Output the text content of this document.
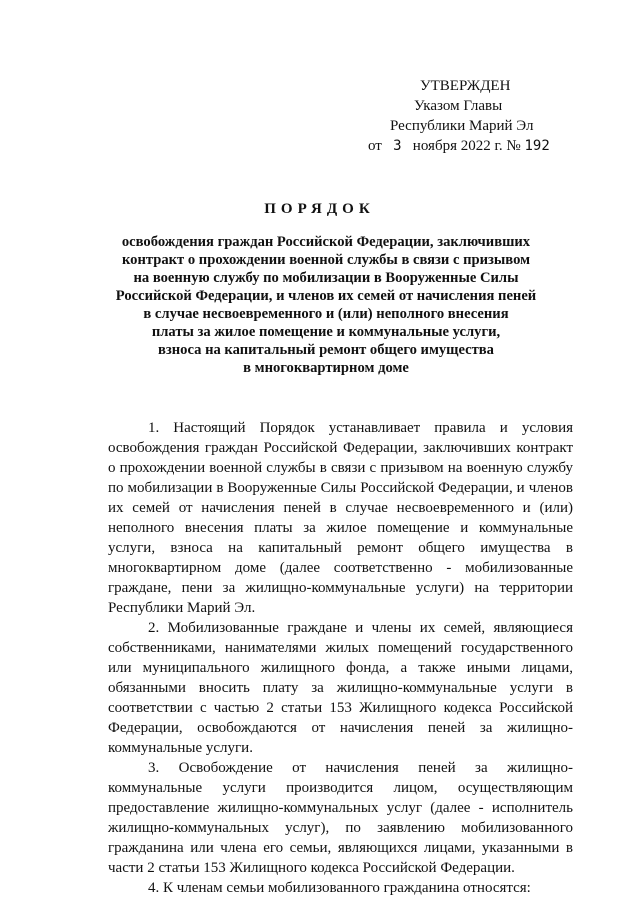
УТВЕРЖДЕН
Указом Главы
Республики Марий Эл
от 3 ноября 2022 г. № 192
ПОРЯДОК
освобождения граждан Российской Федерации, заключивших
контракт о прохождении военной службы в связи с призывом
на военную службу по мобилизации в Вооруженные Силы
Российской Федерации, и членов их семей от начисления пеней
в случае несвоевременного и (или) неполного внесения
платы за жилое помещение и коммунальные услуги,
взноса на капитальный ремонт общего имущества
в многоквартирном доме

1. Настоящий Порядок устанавливает правила и условия освобождения граждан Российской Федерации, заключивших контракт о прохождении военной службы в связи с призывом на военную службу по мобилизации в Вооруженные Силы Российской Федерации, и членов их семей от начисления пеней в случае несвоевременного и (или) неполного внесения платы за жилое помещение и коммунальные услуги, взноса на капитальный ремонт общего имущества в многоквартирном доме (далее соответственно - мобилизованные граждане, пени за жилищно-коммунальные услуги) на территории Республики Марий Эл.

2. Мобилизованные граждане и члены их семей, являющиеся собственниками, нанимателями жилых помещений государственного или муниципального жилищного фонда, а также иными лицами, обязанными вносить плату за жилищно-коммунальные услуги в соответствии с частью 2 статьи 153 Жилищного кодекса Российской Федерации, освобождаются от начисления пеней за жилищно-коммунальные услуги.

3. Освобождение от начисления пеней за жилищно-коммунальные услуги производится лицом, осуществляющим предоставление жилищно-коммунальных услуг (далее - исполнитель жилищно-коммунальных услуг), по заявлению мобилизованного гражданина или члена его семьи, являющихся лицами, указанными в части 2 статьи 153 Жилищного кодекса Российской Федерации.

4. К членам семьи мобилизованного гражданина относятся:
